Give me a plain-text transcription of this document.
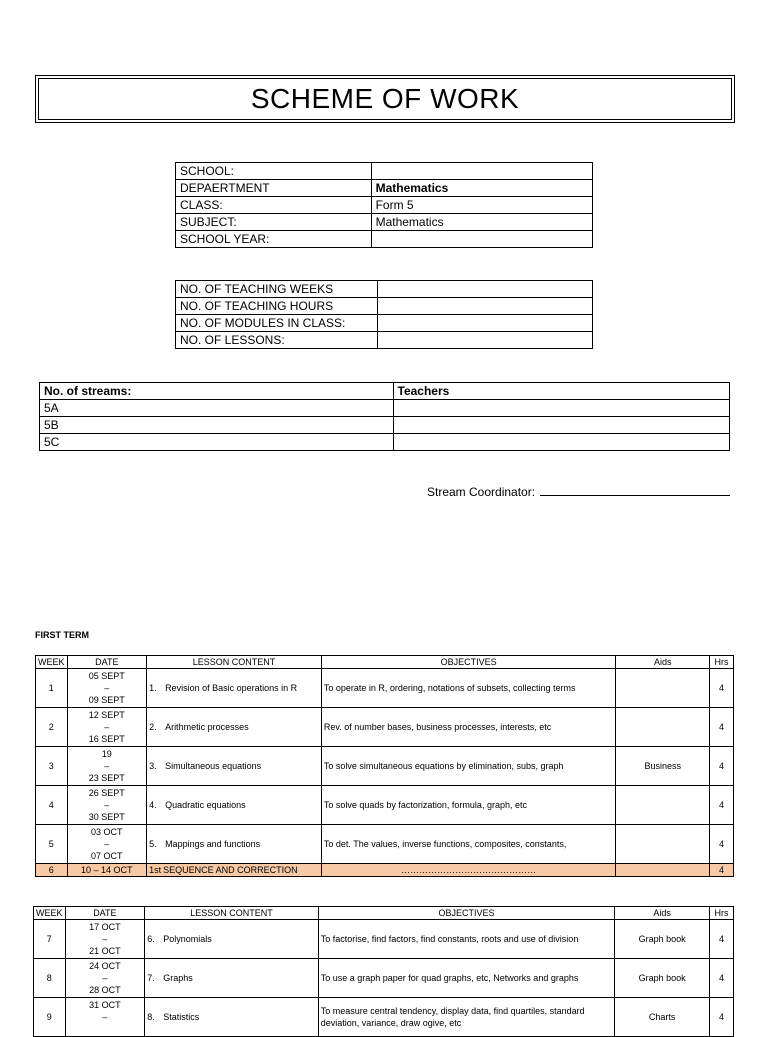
SCHEME OF WORK
SCHOOL:	
DEPAERTMENT	Mathematics
CLASS:	Form 5
SUBJECT:	Mathematics
SCHOOL YEAR:	
NO. OF TEACHING WEEKS	
NO. OF TEACHING HOURS	
NO. OF MODULES IN CLASS:	
NO. OF LESSONS:	
No. of streams:	Teachers
5A	
5B	
5C	
Stream Coordinator:
FIRST TERM
WEEK	DATE	LESSON CONTENT	OBJECTIVES	Aids	Hrs
1	05 SEPT
–
09 SEPT	1. Revision of Basic operations in R	To operate in R, ordering, notations of subsets, collecting terms		4
2	12 SEPT
–
16 SEPT	2. Arithmetic processes	Rev. of number bases, business processes, interests, etc		4
3	19
–
23 SEPT	3. Simultaneous equations	To solve simultaneous equations by elimination, subs, graph	Business	4
4	26 SEPT
–
30 SEPT	4. Quadratic equations	To solve quads by factorization, formula, graph, etc		4
5	03 OCT
–
07 OCT	5. Mappings and functions	To det. The values, inverse functions, composites, constants,		4
6	10 – 14 OCT	1st SEQUENCE AND CORRECTION	………………………………………		4
WEEK	DATE	LESSON CONTENT	OBJECTIVES	Aids	Hrs
7	17 OCT
–
21 OCT	6. Polynomials	To factorise, find factors, find constants, roots and use of division	Graph book	4
8	24 OCT
–
28 OCT	7. Graphs	To use a graph paper for quad graphs, etc, Networks and graphs	Graph book	4
9	31 OCT
–	8. Statistics	To measure central tendency, display data, find quartiles, standard deviation, variance, draw ogive, etc	Charts	4
